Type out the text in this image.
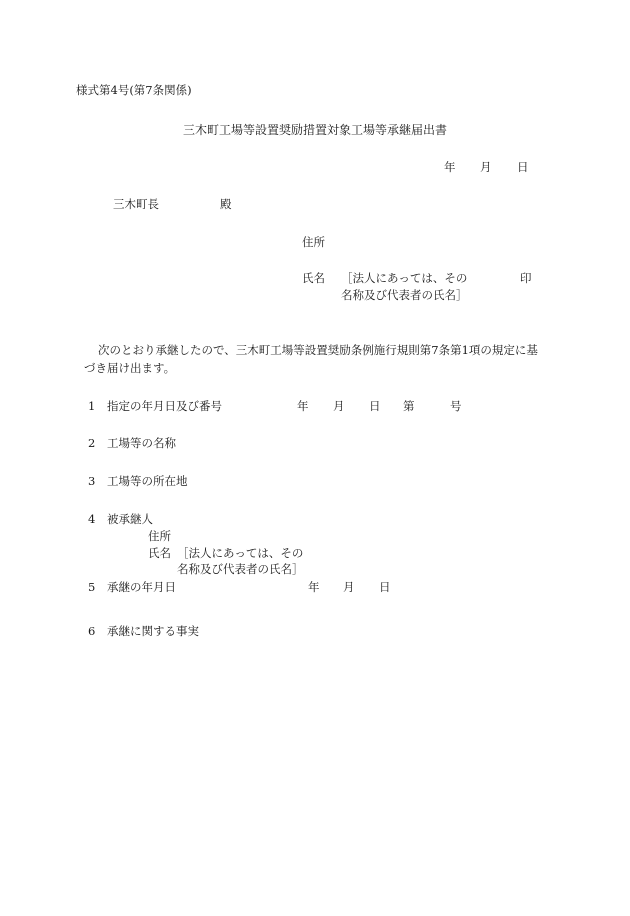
様式第4号(第7条関係)
三木町工場等設置奨励措置対象工場等承継届出書
年 月 日
三木町長	殿
住所
氏名 ［法人にあっては、その
名称及び代表者の氏名］
印
次のとおり承継したので、三木町工場等設置奨励条例施行規則第7条第1項の規定に基
づき届け出ます。
1 指定の年月日及び番号	年 月 日 第	号
2 工場等の名称
3 工場等の所在地
4 被承継人
住所
氏名 ［法人にあっては、その
名称及び代表者の氏名］
5 承継の年月日	年 月 日
6 承継に関する事実
